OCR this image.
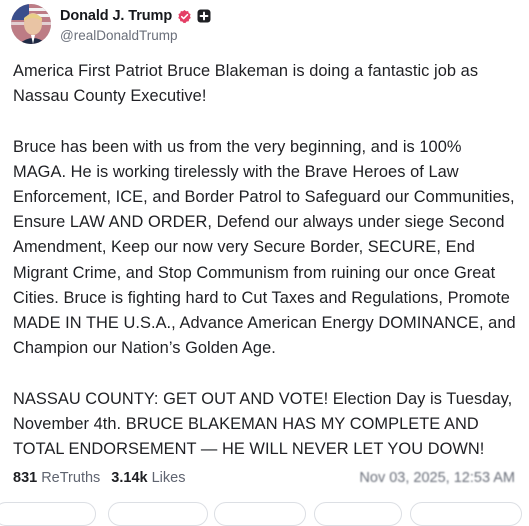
Donald J. Trump
@realDonaldTrump

America First Patriot Bruce Blakeman is doing a fantastic job as Nassau County Executive!

Bruce has been with us from the very beginning, and is 100% MAGA. He is working tirelessly with the Brave Heroes of Law Enforcement, ICE, and Border Patrol to Safeguard our Communities, Ensure LAW AND ORDER, Defend our always under siege Second Amendment, Keep our now very Secure Border, SECURE, End Migrant Crime, and Stop Communism from ruining our once Great Cities. Bruce is fighting hard to Cut Taxes and Regulations, Promote MADE IN THE U.S.A., Advance American Energy DOMINANCE, and Champion our Nation’s Golden Age.

NASSAU COUNTY: GET OUT AND VOTE! Election Day is Tuesday, November 4th. BRUCE BLAKEMAN HAS MY COMPLETE AND TOTAL ENDORSEMENT — HE WILL NEVER LET YOU DOWN!

831 ReTruths 3.14k Likes	Nov 03, 2025, 12:53 AM
